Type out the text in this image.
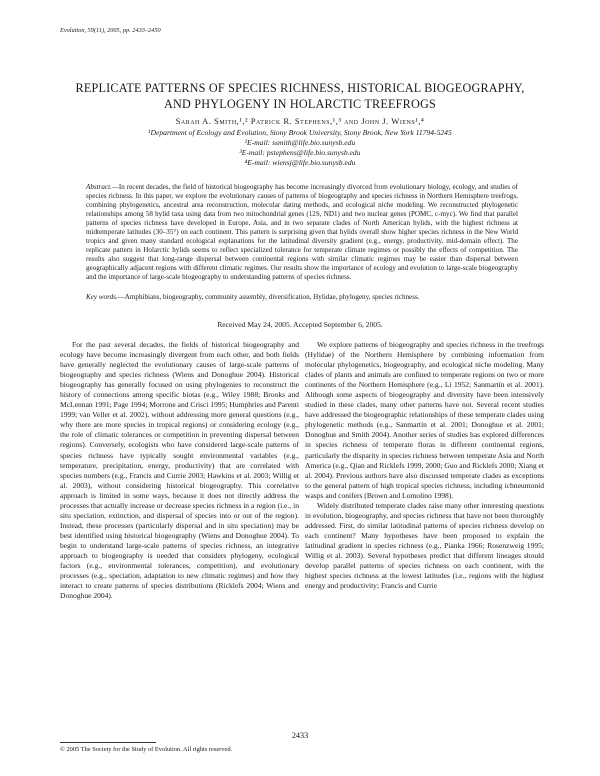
Evolution, 59(11), 2005, pp. 2433–2450
REPLICATE PATTERNS OF SPECIES RICHNESS, HISTORICAL BIOGEOGRAPHY,
AND PHYLOGENY IN HOLARCTIC TREEFROGS
Sarah A. Smith,¹,² Patrick R. Stephens,¹,³ and John J. Wiens¹,⁴
¹Department of Ecology and Evolution, Stony Brook University, Stony Brook, New York 11794-5245
²E-mail: ssmith@life.bio.sunysb.edu
³E-mail: pstephens@life.bio.sunysb.edu
⁴E-mail: wiensj@life.bio.sunysb.edu
Abstract.—In recent decades, the field of historical biogeography has become increasingly divorced from evolutionary biology, ecology, and studies of species richness. In this paper, we explore the evolutionary causes of patterns of biogeography and species richness in Northern Hemisphere treefrogs, combining phylogenetics, ancestral area reconstruction, molecular dating methods, and ecological niche modeling. We reconstructed phylogenetic relationships among 58 hylid taxa using data from two mitochondrial genes (12S, ND1) and two nuclear genes (POMC, c-myc). We find that parallel patterns of species richness have developed in Europe, Asia, and in two separate clades of North American hylids, with the highest richness at midtemperate latitudes (30–35°) on each continent. This pattern is surprising given that hylids overall show higher species richness in the New World tropics and given many standard ecological explanations for the latitudinal diversity gradient (e.g., energy, productivity, mid-domain effect). The replicate pattern in Holarctic hylids seems to reflect specialized tolerance for temperate climate regimes or possibly the effects of competition. The results also suggest that long-range dispersal between continental regions with similar climatic regimes may be easier than dispersal between geographically adjacent regions with different climatic regimes. Our results show the importance of ecology and evolution to large-scale biogeography and the importance of large-scale biogeography to understanding patterns of species richness.
Key words.—Amphibians, biogeography, community assembly, diversification, Hylidae, phylogeny, species richness.
Received May 24, 2005. Accepted September 6, 2005.

For the past several decades, the fields of historical biogeography and ecology have become increasingly divergent from each other, and both fields have generally neglected the evolutionary causes of large-scale patterns of biogeography and species richness (Wiens and Donoghue 2004). Historical biogeography has generally focused on using phylogenies to reconstruct the history of connections among specific biotas (e.g., Wiley 1988; Brooks and McLennan 1991; Page 1994; Morrone and Crisci 1995; Humphries and Parenti 1999; van Veller et al. 2002), without addressing more general questions (e.g., why there are more species in tropical regions) or considering ecology (e.g., the role of climatic tolerances or competition in preventing dispersal between regions). Conversely, ecologists who have considered large-scale patterns of species richness have typically sought environmental variables (e.g., temperature, precipitation, energy, productivity) that are correlated with species numbers (e.g., Francis and Currie 2003; Hawkins et al. 2003; Willig et al. 2003), without considering historical biogeography. This correlative approach is limited in some ways, because it does not directly address the processes that actually increase or decrease species richness in a region (i.e., in situ speciation, extinction, and dispersal of species into or out of the region). Instead, these processes (particularly dispersal and in situ speciation) may be best identified using historical biogeography (Wiens and Donoghue 2004). To begin to understand large-scale patterns of species richness, an integrative approach to biogeography is needed that considers phylogeny, ecological factors (e.g., environmental tolerances, competition), and evolutionary processes (e.g., speciation, adaptation to new climatic regimes) and how they interact to create patterns of species distributions (Ricklefs 2004; Wiens and Donoghue 2004).

We explore patterns of biogeography and species richness in the treefrogs (Hylidae) of the Northern Hemisphere by combining information from molecular phylogenetics, biogeography, and ecological niche modeling. Many clades of plants and animals are confined to temperate regions on two or more continents of the Northern Hemisphere (e.g., Li 1952; Sanmartín et al. 2001). Although some aspects of biogeography and diversity have been intensively studied in these clades, many other patterns have not. Several recent studies have addressed the biogeographic relationships of these temperate clades using phylogenetic methods (e.g., Sanmartín et al. 2001; Donoghue et al. 2001; Donoghue and Smith 2004). Another series of studies has explored differences in species richness of temperate floras in different continental regions, particularly the disparity in species richness between temperate Asia and North America (e.g., Qian and Ricklefs 1999, 2000; Guo and Ricklefs 2000; Xiang et al. 2004). Previous authors have also discussed temperate clades as exceptions to the general pattern of high tropical species richness, including ichneumonid wasps and conifers (Brown and Lomolino 1998).

Widely distributed temperate clades raise many other interesting questions in evolution, biogeography, and species richness that have not been thoroughly addressed. First, do similar latitudinal patterns of species richness develop on each continent? Many hypotheses have been proposed to explain the latitudinal gradient in species richness (e.g., Pianka 1966; Rosenzweig 1995; Willig et al. 2003). Several hypotheses predict that different lineages should develop parallel patterns of species richness on each continent, with the highest species richness at the lowest latitudes (i.e., regions with the highest energy and productivity; Francis and Currie

2433
© 2005 The Society for the Study of Evolution. All rights reserved.
